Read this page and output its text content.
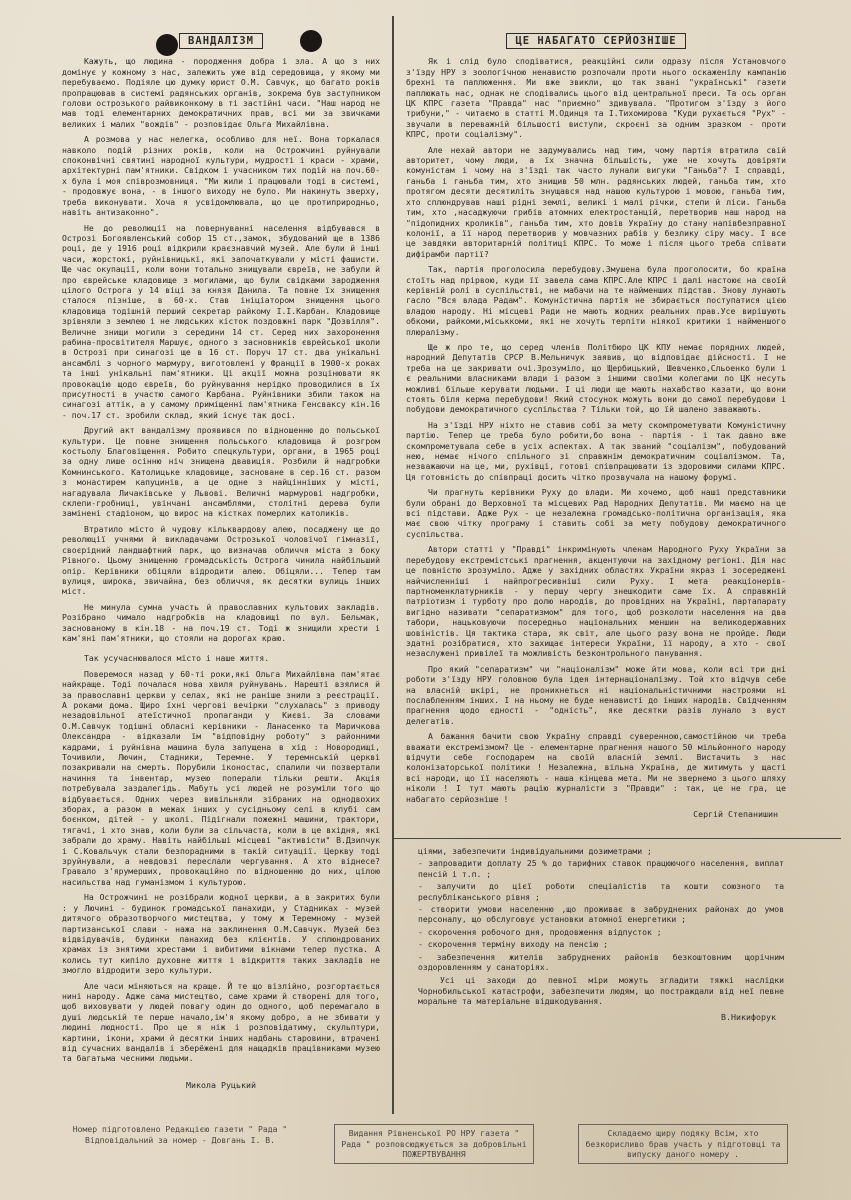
ВАНДАЛІЗМ

Кажуть, що людина - породження добра і зла. А що з них домінує у кожному з нас, залежить уже від середовища, у якому ми перебуваємо. Подіяле цю думку юрист О.М. Савчук, що багато років пропрацював в системі радянських органів, зокрема був заступником голови острозького райвиконкому в ті застійні часи. "Наш народ не мав тоді елементарних демократичних прав, всі ми за звичками великих і малих "вождів" - розповідає Ольга Михайлівна.

А розмова у нас нелегка, особливо для неї. Вона торкалася навколо подій різних років, коли на Острожчині руйнували споконвічні святині народної культури, мудрості і краси - храми, архітектурні пам'ятники. Свідком і учасником тих подій на поч.60-х була і моя співрозмовниця. "Ми жили і працювали тоді в системі, - продовжує вона, - в іншого виходу не було. Ми накинуть зверху, треба виконувати. Хоча я усвідомлювала, що це протиприродньо, навіть антизаконно".

Не до революції на повернуванні населення відбувався в Острозі Богоявленський собор 15 ст.,замок, збудований ще в 1386 році, де у 1916 році відкрили краєзнавчий музей. Але були й інші часи, жорстокі, руйнівницькі, які започаткували у місті фашисти. Ще час окупації, коли вони тотально знищували євреїв, не забули й про єврейське кладовище з могилами, що були свідками зародження цілого Острога у 14 віці за князя Данила. Та повне їх знищення сталося пізніше, в 60-х. Став ініціатором знищення цього кладовища тодішній перший секретар райкому І.І.Карбан. Кладовище зрівняли з землею і не людських кісток поздовжні парк "Дозвілля". Величне знищи могили з середини 14 ст. Серед них захоронення рабина-просвітителя Маршує, одного з засновників єврейської школи в Острозі при синагозі ще в 16 ст. Поруч 17 ст. два унікальні ансамблі з чорного мармуру, виготовлені у Франції в 1900-х роках та інші унікальні пам'ятники. Ці акції можна розцінювати як провокацію щодо євреїв, бо руйнування нерідко проводилися в їх присутності в участю самого Карбана. Руйнівники збили також на синагозі аттік, а у самому приміщенні пам'ятника Генсваксу кін.16 - поч.17 ст. зробили склад, який існує так досі.

Другий акт вандалізму проявився по відношенню до польської культури. Це повне знищення польського кладовища й розгром костьолу Благовіщення. Робито спецкультури, органи, в 1965 році за одну лише осінню ніч знищена двавиція. Розбили й надгробки Комнинського. Католицьке кладовище, засноване в сер.16 ст. разом з монастирем капуцинів, а це одне з найцінніших у місті, нагадувала Личаківське у Львові. Величні мармурові надгробки, склепи-гробниці, увінчані ансамблями, столітні дерева були замінені стадіоном, що вирос на кістках померлих католиків.

Втратило місто й чудову кільквардову алею, посаджену ще до революції учнями й викладачами Острозької чоловічої гімназії, своєрідний ландшафтний парк, що визначав обличчя міста з боку Рівного. Цьому знищенню громадськість Острога чинила найбільший опір. Керівники обіцяли відродити алею. Обіцяли... Тепер там вулиця, широка, звичайна, без обличчя, як десятки вулиць інших міст.

Не минула сумна участь й православних культових закладів. Розібрано чимало надгробків на кладовищі по вул. Бельмак, заснованому в кін.18 - на поч.19 ст. Тоді ж знищили хрести і кам'яні пам'ятники, що стояли на дорогах краю.

Так усучаснювалося місто і наше життя.

Поверемося назад у 60-ті роки,які Ольга Михайлівна пам'ятає найкраще. Тоді почалася нова хвиля руйнувань. Нарешті взялися й за православні церкви у селах, які не раніше знили з реєстрації. А роками дома. Щиро їхні чергові вечірки "слухалась" з приводу незадовільної атеїстичної пропаганди у Києві. За словами О.М.Савчук тодішні обласні керівники - Ланасенко та Маричкова Олександра - відказали їм "відповідну роботу" з районними кадрами, і руйнівна машина була запущена в хід : Новородищі, Точивили, Лючин, Стадники, Теремне. У теремнській церкві позакривали на смерть. Порубили іконостас, спалили чи позвертали начиння та інвентар, музею поперали тільки решти. Акція потребувала заздалегідь. Мабуть усі людей не розуміли того що відбувається. Одних через вивільняли зібраних на однодвохих зборах, а разом в межах інших у сусідньому селі в клубі сам боєнком, дітей - у школі. Підігнали пожежні машини, трактори, тягачі, і хто знав, коли були за сільчаста, коли в це вхідня, які забрали до храму. Навіть найбільші місцеві "активісти" В.Дзипчук і С.Ковальчук стали безпорадними в такій ситуації. Церкву тоді зруйнували, а невдовзі переслали чергування. А хто віднесе? Гравало з'ярумерших, провокаційно по відношенню до них, цілою насильства над гуманізмом і культурою.

На Острожчині не розібрали жодної церкви, а в закритих були : у Лючині - будинок громадської панахиди, у Стадниках - музей дитячого образотворчого мистецтва, у тому ж Теремному - музей партизанської слави - нажа на заклинення О.М.Савчук. Музей без відвідувачів, будинки панахид без клієнтів. У сплюндрованих храмах із знятими хрестами і вибитими вікнами тепер пустка. А колись тут кипіло духовне життя і відкриття таких закладів не змогло відродити зеро культури.

Але часи міняються на краще. Й те що візлійно, розгортається нині народу. Адже сама мистецтво, саме храми й створені для того, щоб виховувати у людей повагу один до одного, щоб перемагало в душі людській те перше начало,ім'я якому добро, а не збивати у людині людності. Про це я ніж і розповідатиму, скульптури, картини, ікони, храми й десятки інших надбань старовини, втрачені від сучасних вандалів і зберёжені для нащадків працівниками музею та багатьма чесними людьми.

Микола Руцький
ЦЕ НАБАГАТО СЕРЙОЗНІШЕ

Як і слід було сподіватися, реакційні сили одразу після Установчого з'їзду НРУ з зоологічною ненавистю розпочали проти нього оскаженілу кампанію брехні та паплюження. Ми вже звикли, що так звані "українські" газети паплюжать нас, однак не сподівались цього від центральної преси. Та ось орган ЦК КПРС газета "Правда" нас "приємно" здивувала. "Протигом з'їзду з його трибуни," - читаємо в статті М.Одинця та І.Тихомирова "Куди рухається "Рух" - звучали в переважній більшості виступи, скроєні за одним зразком - проти КПРС, проти соціалізму".

Але нехай автори не задумувались над тим, чому партія втратила свій авторитет, чому люди, а їх значна більшість, уже не хочуть довіряти комуністам і чому на з'їзді так часто лунали вигуки "Ганьба"? І справді, ганьба і ганьба тим, хто знищив 50 млн. радянських людей, ганьба тим, хто протягом десяти десятиліть знущався над нашою культурою і мовою, ганьба тим, хто сплюндрував наші рідні землі, великі і малі річки, степи й ліси. Ганьба тим, хто ,насаджуючи грибів атомних електростанцій, перетворив наш народ на "підопидних кроликів", ганьба тим, хто довів Україну до стану напівбезправної колонії, а її народ перетворив у мовчазних рабів у безлику сіру масу. І все це завдяки авторитарній політиці КПРС. То може і після цього треба співати дифірамби партії?

Так, партія проголосила перебудову.Змушена була проголосити, бо країна стоїть над прірвою, куди її завела сама КПРС.Але КПРС і далі настоює на своїй керівній ролі в суспільстві, не мабачи на те найменших підстав. Знову лунають гасло "Вся влада Радам". Комуністична партія не збирається поступатися цією владою народу. Ні місцеві Ради не мають жодних реальних прав.Усе вирішують обкоми, райкоми,міськкоми, які не хочуть терпіти ніякої критики і найменшого плюралізму.

Ще ж про те, що серед членів Політбюро ЦК КПУ немає порядних людей, народний Депутатів СРСР В.Мельничук заявив, що відповідає дійсності. І не треба на це закривати очі.Зрозуміло, що Щербицький, Шевченко,Сльоенко були і є реальними власниками влади і разом з іншими своїми колегами по ЦК несуть можливі більше керувати людьми. І ці люди ще мають нахабство казати, що вони стоять біля керма перебудови! Який стосунок можуть вони до самої перебудови і побудови демократичного суспільства ? Тільки той, що їй шалено заважають.

На з'їзді НРУ ніхто не ставив собі за мету скомпрометувати Комуністичну партію. Тепер це треба було робити,бо вона - партія - і так давно вже скомпрометувала себе в усіх аспектах. А так званий "соціалізм", побудований нею, немає нічого спільного зі справжнім демократичним соціалізмом. Та, незважаючи на це, ми, рухівці, готові співпрацювати із здоровими силами КПРС. Ця готовність до співпраці досить чітко прозвучала на нашому форумі.

Чи прагнуть керівники Руху до влади. Ми хочемо, щоб наші представники були обрані до Верховної та місцевих Рад Народних Депутатів. Ми маємо на це всі підстави. Адже Рух - це незалежна громадсько-політична організація, яка має свою чітку програму і ставить собі за мету побудову демократичного суспільства.

Автори статті у "Правді" інкримінують членам Народного Руху України за перебудову екстремістські прагнення, акцентуючи на західному регіоні. Дія нас це повністю зрозуміло. Адже у західних областях України якраз і зосереджені найчисленніші і найпрогресивніші сили Руху. І мета реакціонерів-партноменклатурників - у першу чергу знешкодити саме їх. А справжній патріотизм і турботу про долю народів, до провідних на Україні, партапарату вигідно називати "сепаратизмом" для того, щоб розколоти населення на два табори, нацьковуючи посередньо національних меншин на великодержавних шовіністів. Ця тактика стара, як світ, але цього разу вона не пройде. Люди здатні розібратися, хто захищає інтереси України, її народу, а хто - свої незаслужені привілеї та можливість безконтрольного панування.

Про який "сепаратизм" чи "націоналізм" може йти мова, коли всі три дні роботи з'їзду НРУ головною була ідея інтернаціоналізму. Той хто відчув себе на власній шкірі, не проникнеться ні національністичними настроями ні послабленням інших. І на ньому не буде ненависті до інших народів. Свідченням прагнення щодо єдності - "одність", яке десятки разів лунало з вуст делегатів.

А бажання бачити свою Україну справді суверенною,самостійною чи треба вважати екстремізмом? Це - елементарне прагнення нашого 50 мільйонного народу відчути себе господарем на своїй власній землі. Вистачить з нас колонізаторської політики ! Незалежна, вільна Україна, де житимуть у щасті всі народи, що її населяють - наша кінцева мета. Ми не звернемо з цього шляху ніколи ! І тут мають рацію журналісти з "Правди" : так, це не гра, це набагато серйозніше !

Сергій Степанишин
ціями, забезпечити індивідуальними дозиметрами ;
- запровадити доплату 25 % до тарифних ставок працюючого населення, виплат пенсій і т.п. ;
- залучити до цієї роботи спеціалістів та кошти союзного та республіканського рівня ;
- створити умови населенню ,що проживає в забруднених районах до умов персоналу, що обслуговує установки атомної енергетики ;
- скорочення робочого дня, продовження відпусток ;
- скорочення терміну виходу на пенсію ;
- забезпечення жителів забруднених районів безкоштовним щорічним оздоровленням у санаторіях.

Усі ці заходи до певної міри можуть згладити тяжкі наслідки Чорнобильської катастрофи, забезпечити людям, що постраждали від неї певне моральне та матеріальне відшкодування.

В.Никифорук
Номер підготовлено Редакцією газети " Рада " Відповідальний за номер - Довгань І. В.
Видання Рівненської РО НРУ газета " Рада " розповсюджується за добровільні ПОЖЕРТВУВАННЯ
Складаємо щиру подяку Всім, хто безкорисливо брав участь у підготовці та випуску даного номеру .
